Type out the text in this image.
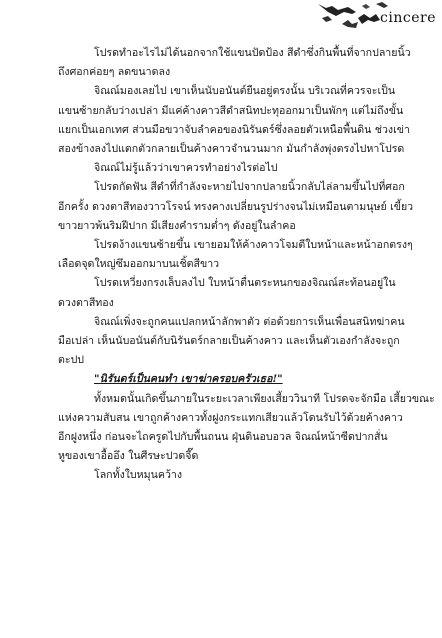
cincere

โปรดทำอะไรไม่ได้นอกจากใช้แขนปัดป้อง สีดำซึ่งกินพื้นที่จากปลายนิ้ว
ถึงศอกค่อยๆ ลดขนาดลง

จิณณ์มองเลยไป เขาเห็นนับอนันต์ยืนอยู่ตรงนั้น บริเวณที่ควรจะเป็น
แขนซ้ายกลับว่างเปล่า มีแค่ค้างคาวสีดำสนิทปะทุออกมาเป็นพักๆ แต่ไม่ถึงขั้น
แยกเป็นเอกเทศ ส่วนมือขวาจับลำคอของนิรันดร์ซึ่งลอยตัวเหนือพื้นดิน ช่วงเข่า
สองข้างลงไปแตกตัวกลายเป็นค้างคาวจำนวนมาก มันกำลังพุ่งตรงไปหาโปรด

จิณณ์ไม่รู้แล้วว่าเขาควรทำอย่างไรต่อไป

โปรดกัดฟัน สีดำที่กำลังจะหายไปจากปลายนิ้วกลับไล่ลามขึ้นไปที่ศอก
อีกครั้ง ดวงตาสีทองวาวโรจน์ ทรงคางเปลี่ยนรูปร่างจนไม่เหมือนตามนุษย์ เขี้ยว
ขาวยาวพ้นริมฝีปาก มีเสียงคำรามต่ำๆ ดังอยู่ในลำคอ

โปรดง้างแขนซ้ายขึ้น เขายอมให้ค้างคาวโจมตีใบหน้าและหน้าอกตรงๆ
เลือดจุดใหญ่ซึมออกมาบนเชิ้ตสีขาว

โปรดเหวี่ยงกรงเล็บลงไป ใบหน้าตื่นตระหนกของจิณณ์สะท้อนอยู่ใน
ดวงตาสีทอง

จิณณ์เพิ่งจะถูกคนแปลกหน้าลักพาตัว ต่อด้วยการเห็นเพื่อนสนิทฆ่าคน
มือเปล่า เห็นนับอนันต์กับนิรันดร์กลายเป็นค้างคาว และเห็นตัวเองกำลังจะถูก
ตะปป

"นิรันดร์เป็นคนทำ เขาฆ่าครอบครัวเธอ!"

ทั้งหมดนั้นเกิดขึ้นภายในระยะเวลาเพียงเสี้ยววินาที โปรดจะจักมือ เสี้ยวขณะ
แห่งความสับสน เขาถูกค้างคาวทั้งฝูงกระแทกเสียวแล้วโดนรับไว้ด้วยค้างคาว
อีกฝูงหนึ่ง ก่อนจะไถครูดไปกับพื้นถนน ฝุ่นดินอบอวล จิณณ์หน้าซีดปากสั่น
หูของเขาอื้ออึง ในศีรษะปวดจี๊ด

โลกทั้งใบหมุนคว้าง
